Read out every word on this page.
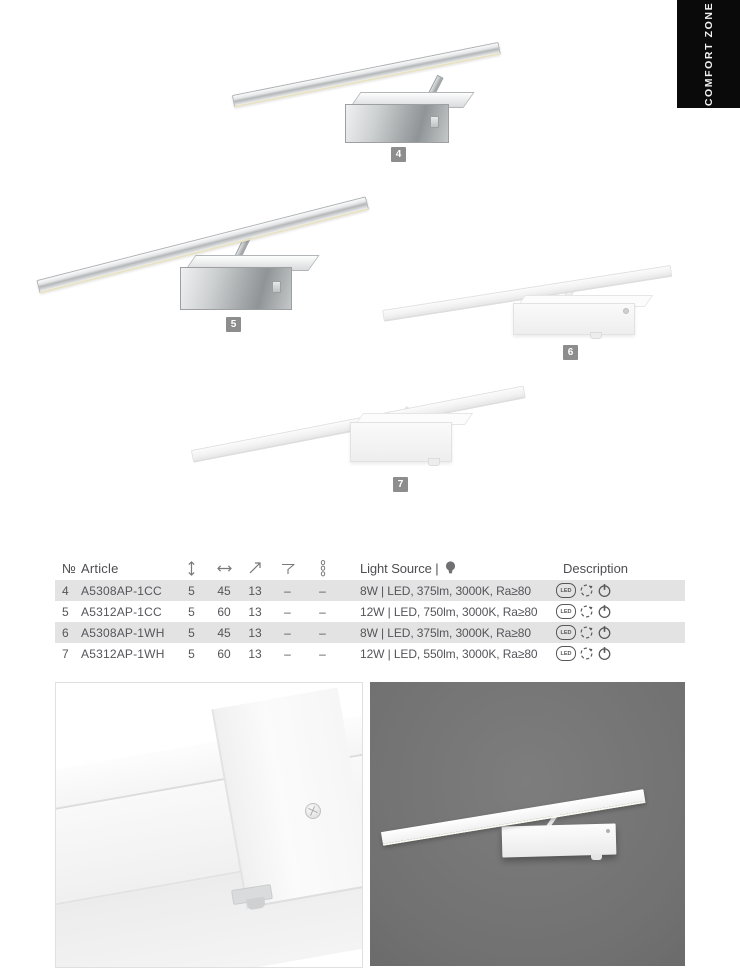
COMFORT ZONE
4
5
6
7
№ Article	Light Source |	Description
4	A5308AP-1CC	5	45	13	–	–	8W | LED, 375lm, 3000K, Ra≥80	LED
5	A5312AP-1CC	5	60	13	–	–	12W | LED, 750lm, 3000K, Ra≥80	LED
6	A5308AP-1WH	5	45	13	–	–	8W | LED, 375lm, 3000K, Ra≥80	LED
7	A5312AP-1WH	5	60	13	–	–	12W | LED, 550lm, 3000K, Ra≥80	LED
